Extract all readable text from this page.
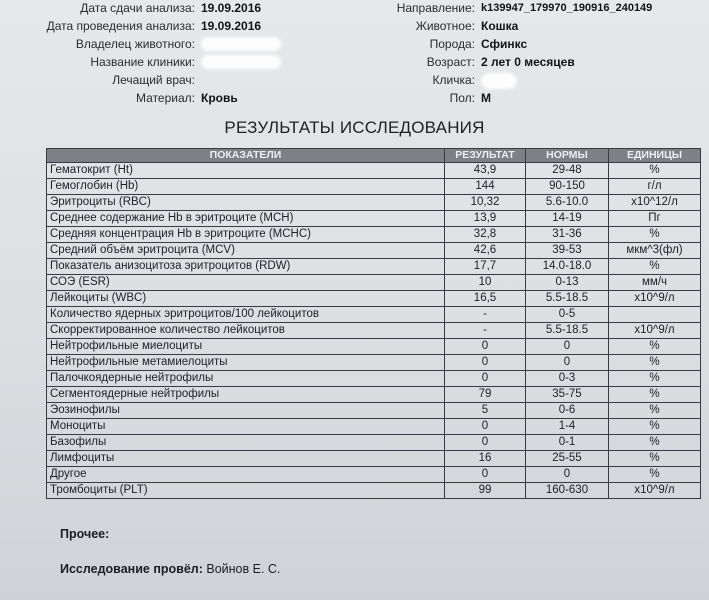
Дата сдачи анализа: 19.09.2016
Дата проведения анализа: 19.09.2016
Владелец животного:
Название клиники:
Лечащий врач:
Материал: Кровь
Направление: k139947_179970_190916_240149
Животное: Кошка
Порода: Сфинкс
Возраст: 2 лет 0 месяцев
Кличка:
Пол: М
РЕЗУЛЬТАТЫ ИССЛЕДОВАНИЯ
ПОКАЗАТЕЛИ	РЕЗУЛЬТАТ	НОРМЫ	ЕДИНИЦЫ
Гематокрит (Ht)	43,9	29-48	%
Гемоглобин (Hb)	144	90-150	г/л
Эритроциты (RBC)	10,32	5.6-10.0	х10^12/л
Среднее содержание Hb в эритроците (МСН)	13,9	14-19	Пг
Средняя концентрация Hb в эритроците (МСНС)	32,8	31-36	%
Средний объём эритроцита (MCV)	42,6	39-53	мкм^3(фл)
Показатель анизоцитоза эритроцитов (RDW)	17,7	14.0-18.0	%
СОЭ (ESR)	10	0-13	мм/ч
Лейкоциты (WBC)	16,5	5.5-18.5	х10^9/л
Количество ядерных эритроцитов/100 лейкоцитов	-	0-5	
Скорректированное количество лейкоцитов	-	5.5-18.5	х10^9/л
Нейтрофильные миелоциты	0	0	%
Нейтрофильные метамиелоциты	0	0	%
Палочкоядерные нейтрофилы	0	0-3	%
Сегментоядерные нейтрофилы	79	35-75	%
Эозинофилы	5	0-6	%
Моноциты	0	1-4	%
Базофилы	0	0-1	%
Лимфоциты	16	25-55	%
Другое	0	0	%
Тромбоциты (PLT)	99	160-630	х10^9/л
Прочее:
Исследование провёл: Войнов Е. С.
